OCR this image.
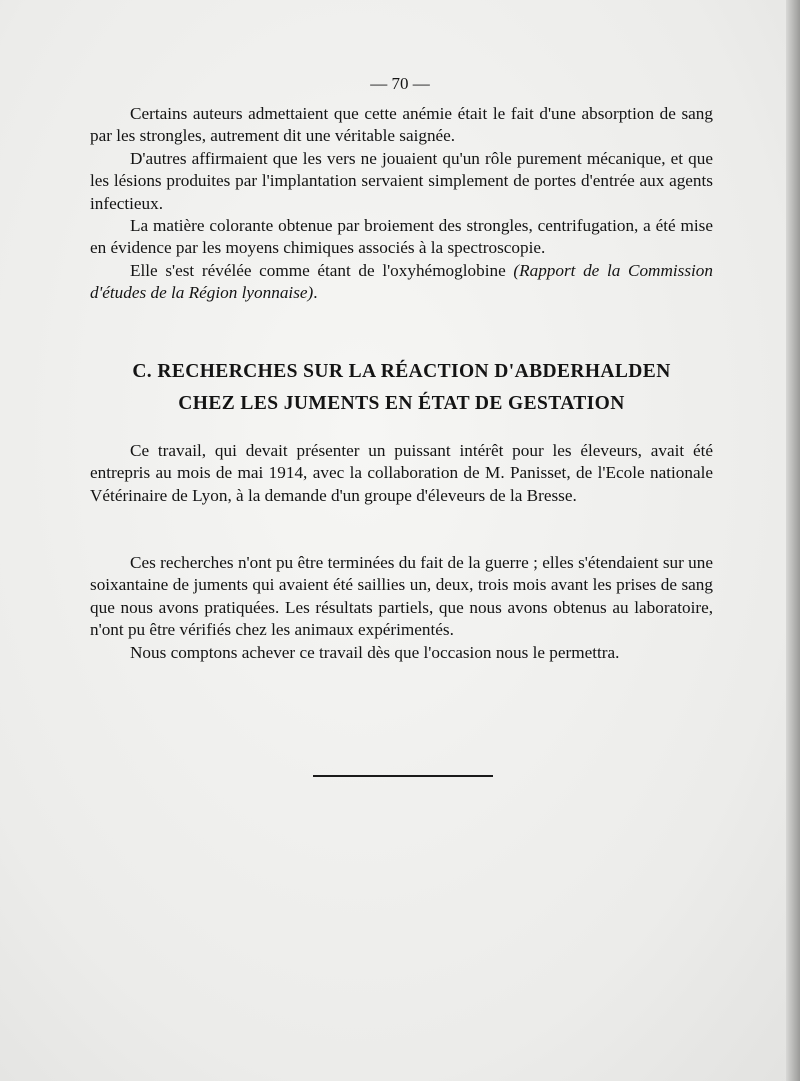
— 70 —

Certains auteurs admettaient que cette anémie était le fait d'une absorption de sang par les strongles, autrement dit une véritable saignée.

D'autres affirmaient que les vers ne jouaient qu'un rôle purement mécanique, et que les lésions produites par l'implantation servaient simplement de portes d'entrée aux agents infectieux.

La matière colorante obtenue par broiement des strongles, centrifugation, a été mise en évidence par les moyens chimiques associés à la spectroscopie.

Elle s'est révélée comme étant de l'oxyhémoglobine (Rapport de la Commission d'études de la Région lyonnaise).

C. RECHERCHES SUR LA RÉACTION D'ABDERHALDEN
CHEZ LES JUMENTS EN ÉTAT DE GESTATION

Ce travail, qui devait présenter un puissant intérêt pour les éleveurs, avait été entrepris au mois de mai 1914, avec la collaboration de M. Panisset, de l'Ecole nationale Vétérinaire de Lyon, à la demande d'un groupe d'éleveurs de la Bresse.

Ces recherches n'ont pu être terminées du fait de la guerre ; elles s'étendaient sur une soixantaine de juments qui avaient été saillies un, deux, trois mois avant les prises de sang que nous avons pratiquées. Les résultats partiels, que nous avons obtenus au laboratoire, n'ont pu être vérifiés chez les animaux expérimentés.

Nous comptons achever ce travail dès que l'occasion nous le permettra.
